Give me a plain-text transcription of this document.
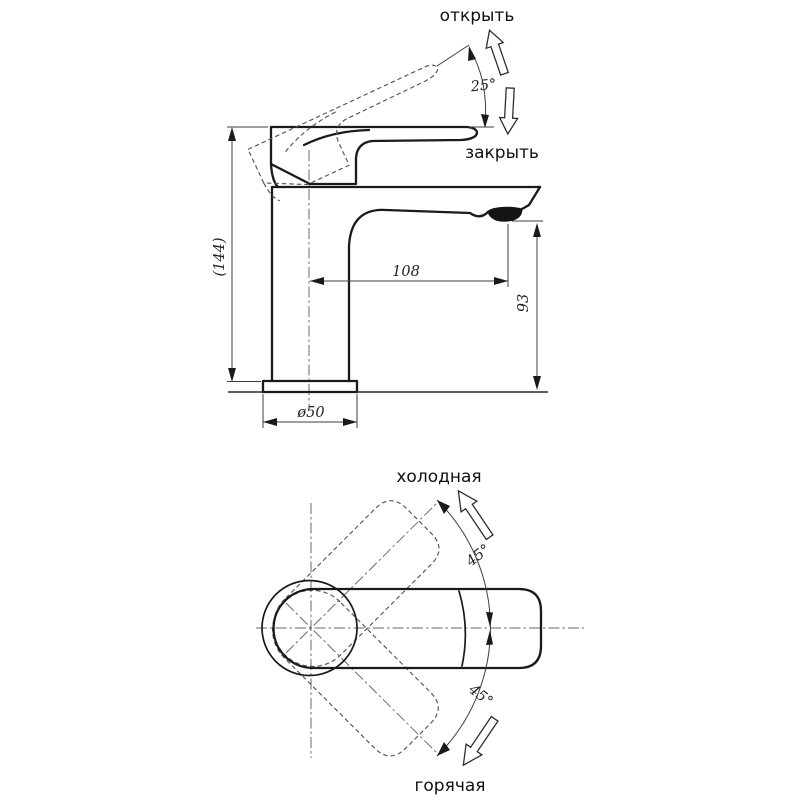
(144)
25°
открыть
закрыть
108
93
ø50
холодная
45°
45°
горячая
